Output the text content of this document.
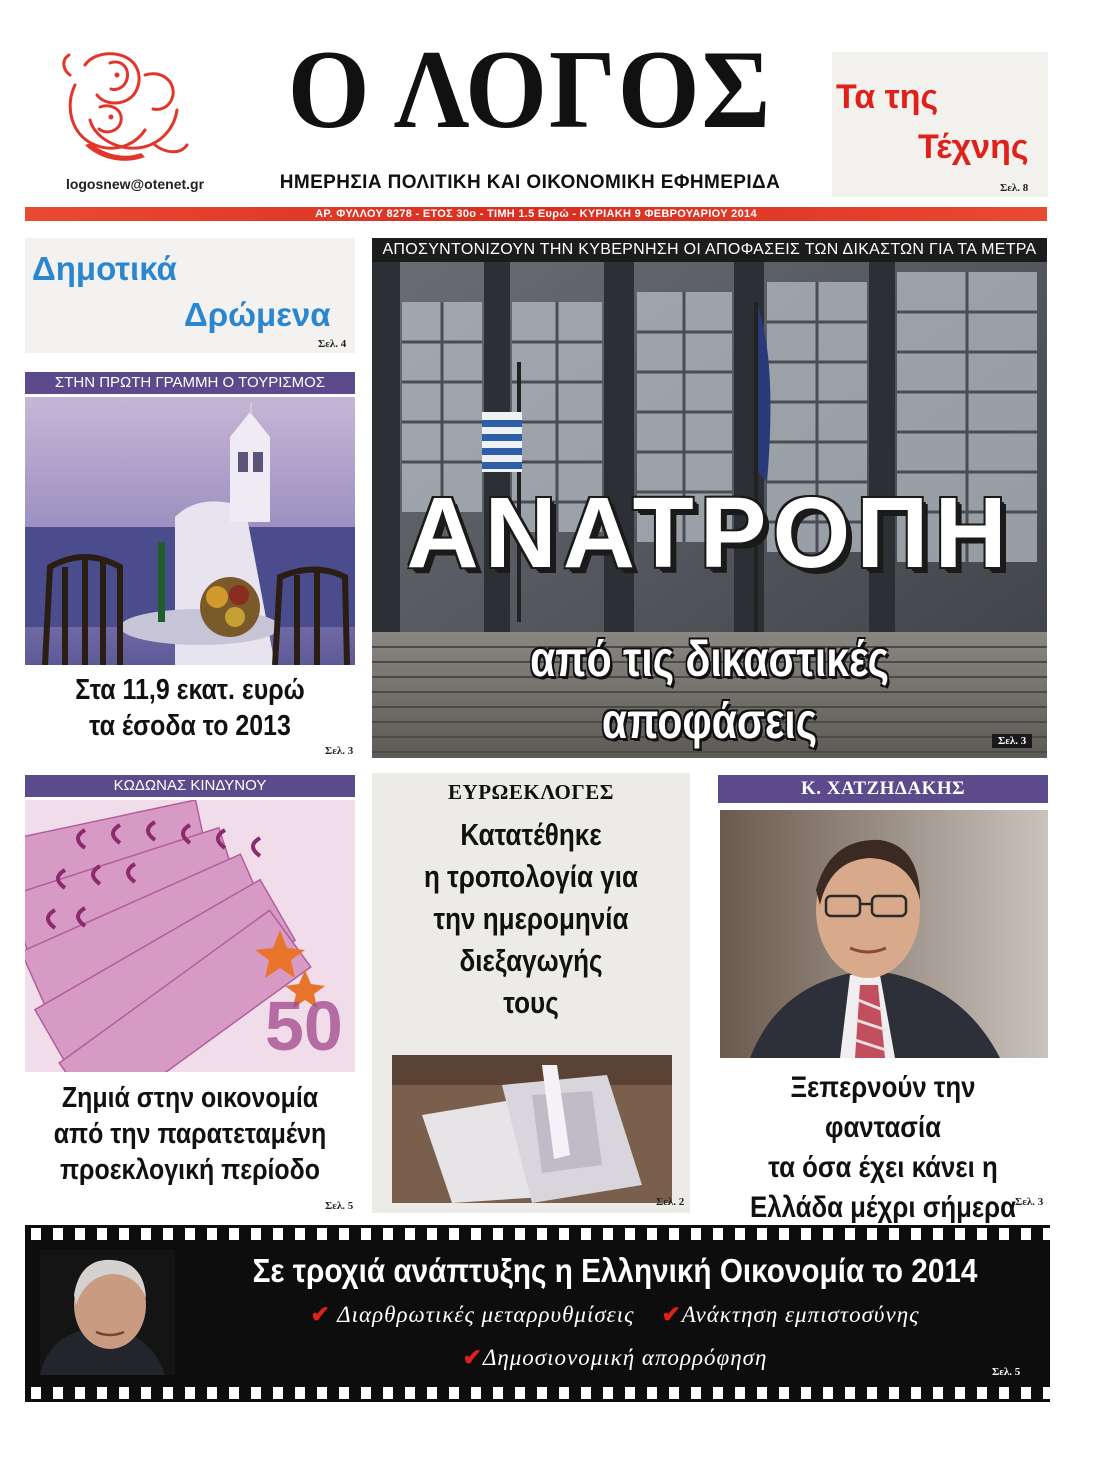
logosnew@otenet.gr
Ο ΛΟΓΟΣ
ΗΜΕΡΗΣΙΑ ΠΟΛΙΤΙΚΗ ΚΑΙ ΟΙΚΟΝΟΜΙΚΗ ΕΦΗΜΕΡΙΔΑ
Τα της
Τέχνης
Σελ. 8
ΑΡ. ΦΥΛΛΟΥ 8278 - ΕΤΟΣ 30ο - ΤΙΜΗ 1.5 Ευρώ - ΚΥΡΙΑΚΗ 9 ΦΕΒΡΟΥΑΡΙΟΥ 2014
Δημοτικά
Δρώμενα
Σελ. 4
ΣΤΗΝ ΠΡΩΤΗ ΓΡΑΜΜΗ Ο ΤΟΥΡΙΣΜΟΣ
Στα 11,9 εκατ. ευρώ
τα έσοδα το 2013
Σελ. 3
ΚΩΔΩΝΑΣ ΚΙΝΔΥΝΟΥ
50
Ζημιά στην οικονομία
από την παρατεταμένη
προεκλογική περίοδο
Σελ. 5
ΑΠΟΣΥΝΤΟΝΙΖΟΥΝ ΤΗΝ ΚΥΒΕΡΝΗΣΗ ΟΙ ΑΠΟΦΑΣΕΙΣ ΤΩΝ ΔΙΚΑΣΤΩΝ ΓΙΑ ΤΑ ΜΕΤΡΑ
ΑΝΑΤΡΟΠΗ
από τις δικαστικές αποφάσεις	Σελ. 3
ΕΥΡΩΕΚΛΟΓΕΣ
Κατατέθηκε
η τροπολογία για
την ημερομηνία
διεξαγωγής
τους
Σελ. 2
Κ. ΧΑΤΖΗΔΑΚΗΣ
Ξεπερνούν την φαντασία
τα όσα έχει κάνει η
Ελλάδα μέχρι σήμερα Σελ. 3
Σε τροχιά ανάπτυξης η Ελληνική Οικονομία το 2014
✔ Διαρθρωτικές μεταρρυθμίσεις ✔Ανάκτηση εμπιστοσύνης
✔Δημοσιονομική απορρόφηση
Σελ. 5
